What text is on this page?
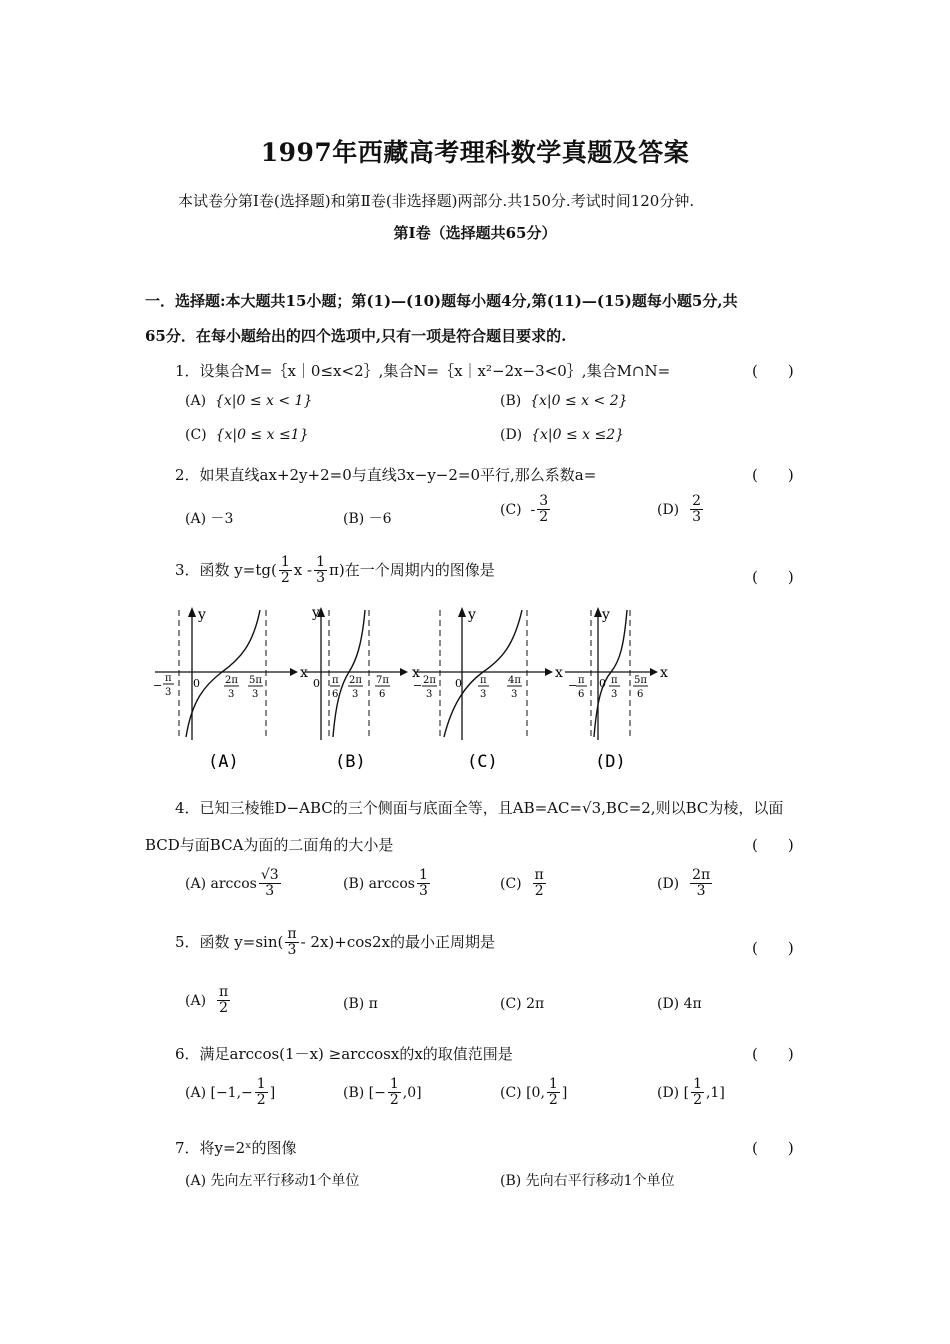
1997年西藏高考理科数学真题及答案
本试卷分第Ⅰ卷(选择题)和第Ⅱ卷(非选择题)两部分.共150分.考试时间120分钟.
第Ⅰ卷（选择题共65分）
一．选择题:本大题共15小题；第(1)—(10)题每小题4分,第(11)—(15)题每小题5分,共
65分．在每小题给出的四个选项中,只有一项是符合题目要求的.
1．设集合M=｛x｜0≤x<2｝,集合N=｛x｜x²−2x−3<0｝,集合M∩N=	(　　)
(A) {x|0 ≤ x < 1}	(B) {x|0 ≤ x < 2}
(C) {x|0 ≤ x ≤1}	(D) {x|0 ≤ x ≤2}
2．如果直线ax+2y+2=0与直线3x−y−2=0平行,那么系数a=	(　　)
(A) －3	(B) －6
$(C) - \frac{3}{2}$	$(D) \frac{2}{3}$
3．函数 $y=tg( \frac{1}{2}$ x - $\frac{1}{3} \pi$)在一个周期内的图像是	(　　)
x
y
0
−
π
3
2π
3
5π
3
(A)
x
y
0 π
6
2π
3
7π
6
(B)
x
y
0
− 2π
3
π
3
4π
3
(C)
x
y
0
− π
6
π
3
5π
6
(D)
4．已知三棱锥D−ABC的三个侧面与底面全等，且AB=AC=√3,BC=2,则以BC为棱，以面
BCD与面BCA为面的二面角的大小是	(　　)
(A) $\arccos \frac{√3}{3}$	(B) $\arccos \frac{1}{3}$	$(C) \frac{\pi}{2}$	$(D) \frac{2\pi}{3}$
5．函数 $y=\sin( \frac{\pi}{3} - 2x)+\cos 2x$的最小正周期是	(　　)
$(A) \frac{\pi}{2}$	(B) π	(C) 2π	(D) 4π
6．满足arccos(1－x) ≥arccosx的x的取值范围是	(　　)
(A) [$-1,- \frac{1}{2}$ ]	(B) [− $\frac{1}{2} ,0$]	(C) [0, $\frac{1}{2}$ ]	(D) [ $\frac{1}{2} ,1$]
7．将y=2ˣ的图像	(　　)
(A) 先向左平行移动1个单位	(B) 先向右平行移动1个单位
